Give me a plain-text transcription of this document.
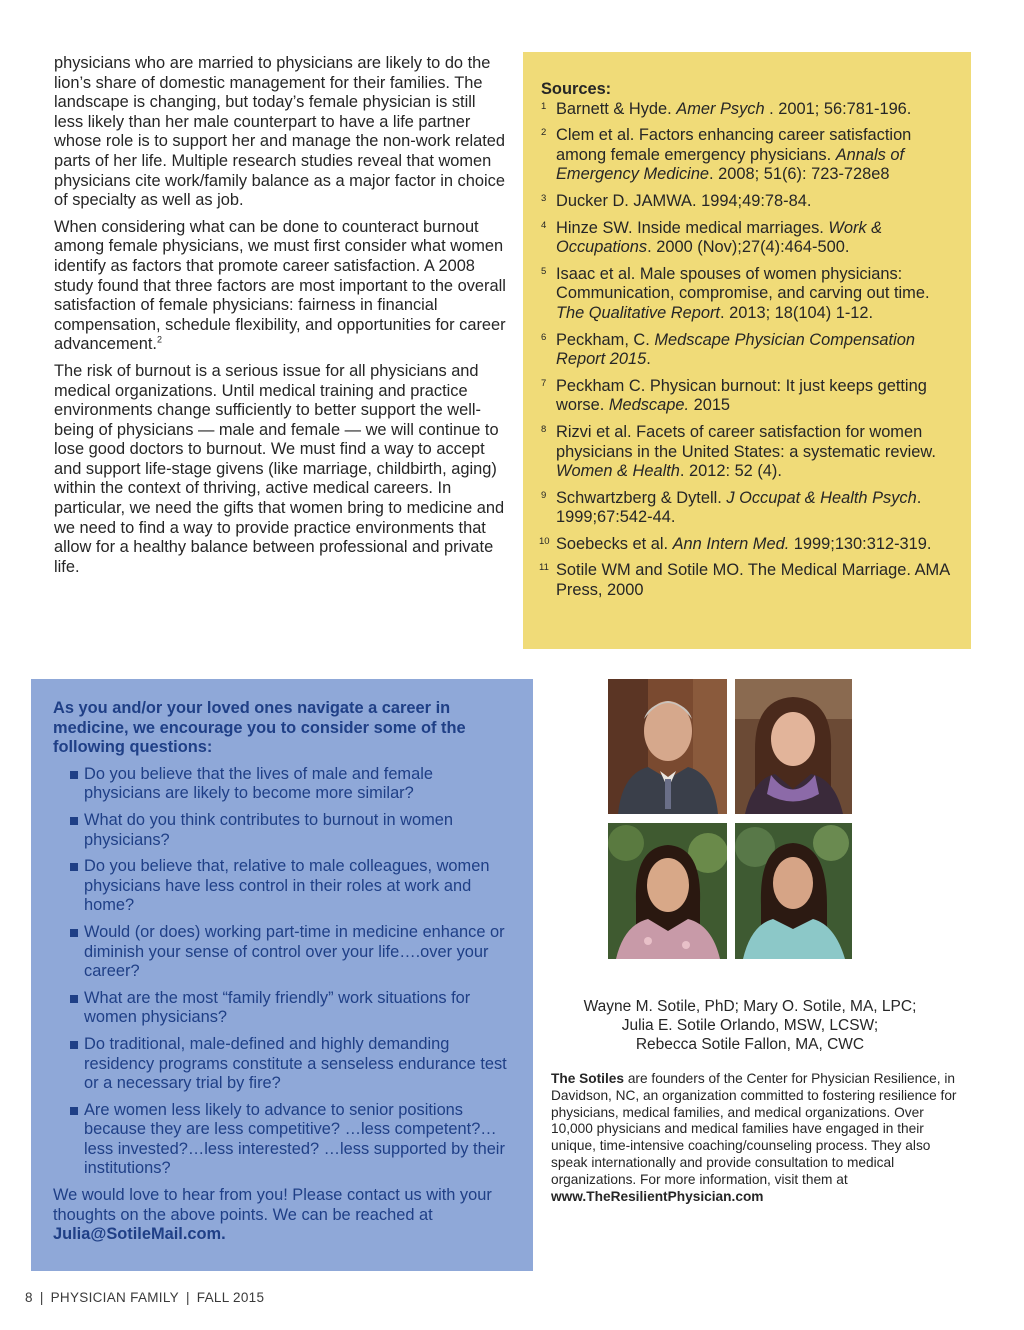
physicians who are married to physicians are likely to do the lion’s share of domestic management for their families. The landscape is changing, but today’s female physician is still less likely than her male counterpart to have a life partner whose role is to support her and manage the non-work related parts of her life. Multiple research studies reveal that women physicians cite work/family balance as a major factor in choice of specialty as well as job.

When considering what can be done to counteract burnout among female physicians, we must first consider what women identify as factors that promote career satisfaction. A 2008 study found that three factors are most important to the overall satisfaction of female physicians: fairness in financial compensation, schedule flexibility, and opportunities for career advancement.$^2$

The risk of burnout is a serious issue for all physicians and medical organizations. Until medical training and practice environments change sufficiently to better support the well-being of physicians — male and female — we will continue to lose good doctors to burnout. We must find a way to accept and support life-stage givens (like marriage, childbirth, aging) within the context of thriving, active medical careers. In particular, we need the gifts that women bring to medicine and we need to find a way to provide practice environments that allow for a healthy balance between professional and private life.

Sources:
1 Barnett & Hyde. Amer Psych . 2001; 56:781-196.
2 Clem et al. Factors enhancing career satisfaction among female emergency physicians. Annals of Emergency Medicine. 2008; 51(6): 723-728e8
3 Ducker D. JAMWA. 1994;49:78-84.
4 Hinze SW. Inside medical marriages. Work & Occupations. 2000 (Nov);27(4):464-500.
5 Isaac et al. Male spouses of women physicians: Communication, compromise, and carving out time. The Qualitative Report. 2013; 18(104) 1-12.
6 Peckham, C. Medscape Physician Compensation Report 2015.
7 Peckham C. Physican burnout: It just keeps getting worse. Medscape. 2015
8 Rizvi et al. Facets of career satisfaction for women physicians in the United States: a systematic review. Women & Health. 2012: 52 (4).
9 Schwartzberg & Dytell. J Occupat & Health Psych. 1999;67:542-44.
10 Soebecks et al. Ann Intern Med. 1999;130:312-319.
11 Sotile WM and Sotile MO. The Medical Marriage. AMA Press, 2000

As you and/or your loved ones navigate a career in medicine, we encourage you to consider some of the following questions:

Do you believe that the lives of male and female physicians are likely to become more similar?
What do you think contributes to burnout in women physicians?
Do you believe that, relative to male colleagues, women physicians have less control in their roles at work and home?
Would (or does) working part-time in medicine enhance or diminish your sense of control over your life….over your career?
What are the most “family friendly” work situations for women physicians?
Do traditional, male-defined and highly demanding residency programs constitute a senseless endurance test or a necessary trial by fire?
Are women less likely to advance to senior positions because they are less competitive? …less competent?…less invested?…less interested? …less supported by their institutions?

We would love to hear from you! Please contact us with your thoughts on the above points. We can be reached at Julia@SotileMail.com.

Wayne M. Sotile, PhD; Mary O. Sotile, MA, LPC;
Julia E. Sotile Orlando, MSW, LCSW;
Rebecca Sotile Fallon, MA, CWC
The Sotiles are founders of the Center for Physician Resilience, in Davidson, NC, an organization committed to fostering resilience for physicians, medical families, and medical organizations. Over 10,000 physicians and medical families have engaged in their unique, time-intensive coaching/counseling process. They also speak internationally and provide consultation to medical organizations. For more information, visit them at
www.TheResilientPhysician.com
8 | PHYSICIAN FAMILY | FALL 2015
